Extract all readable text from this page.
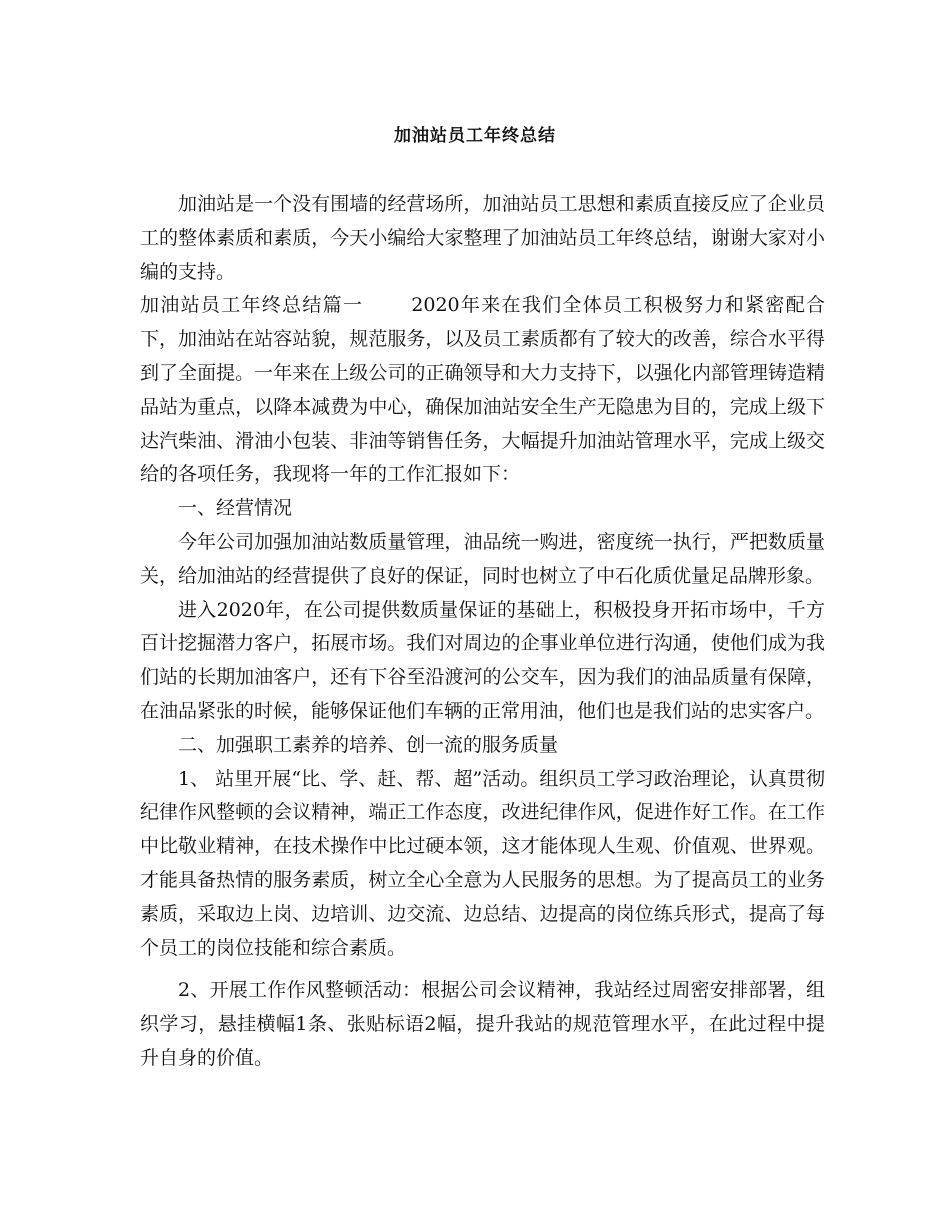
加油站员工年终总结

加油站是一个没有围墙的经营场所，加油站员工思想和素质直接反应了企业员工的整体素质和素质，今天小编给大家整理了加油站员工年终总结，谢谢大家对小编的支持。

加油站员工年终总结篇一	2020年来在我们全体员工积极努力和紧密配合下，加油站在站容站貌，规范服务，以及员工素质都有了较大的改善，综合水平得到了全面提。一年来在上级公司的正确领导和大力支持下，以强化内部管理铸造精品站为重点，以降本减费为中心，确保加油站安全生产无隐患为目的，完成上级下达汽柴油、滑油小包装、非油等销售任务，大幅提升加油站管理水平，完成上级交给的各项任务，我现将一年的工作汇报如下：

一、经营情况

今年公司加强加油站数质量管理，油品统一购进，密度统一执行，严把数质量关，给加油站的经营提供了良好的保证，同时也树立了中石化质优量足品牌形象。

进入2020年，在公司提供数质量保证的基础上，积极投身开拓市场中，千方百计挖掘潜力客户，拓展市场。我们对周边的企事业单位进行沟通，使他们成为我们站的长期加油客户，还有下谷至沿渡河的公交车，因为我们的油品质量有保障，在油品紧张的时候，能够保证他们车辆的正常用油，他们也是我们站的忠实客户。

二、加强职工素养的培养、创一流的服务质量

1、 站里开展“比、学、赶、帮、超”活动。组织员工学习政治理论，认真贯彻纪律作风整顿的会议精神，端正工作态度，改进纪律作风，促进作好工作。在工作中比敬业精神，在技术操作中比过硬本领，这才能体现人生观、价值观、世界观。才能具备热情的服务素质，树立全心全意为人民服务的思想。为了提高员工的业务素质，采取边上岗、边培训、边交流、边总结、边提高的岗位练兵形式，提高了每个员工的岗位技能和综合素质。

2、开展工作作风整顿活动：根据公司会议精神，我站经过周密安排部署，组织学习，悬挂横幅1条、张贴标语2幅，提升我站的规范管理水平，在此过程中提升自身的价值。
